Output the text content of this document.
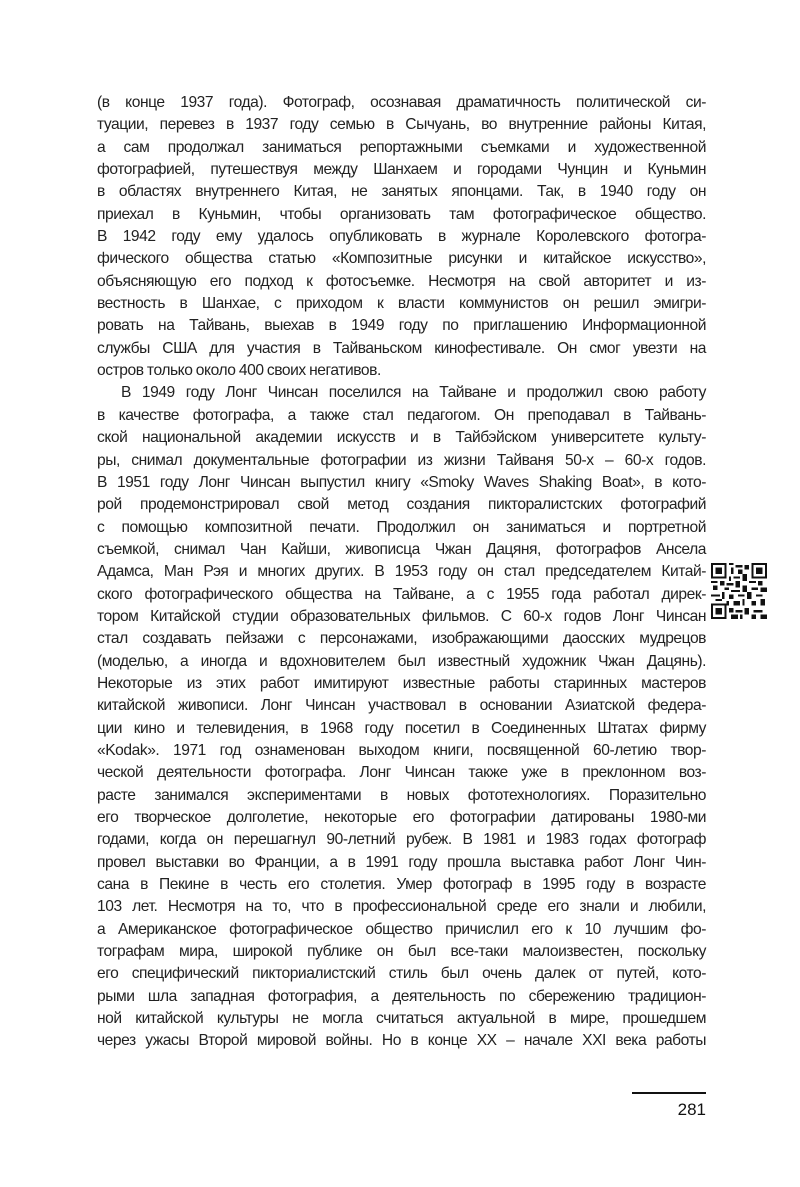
(в конце 1937 года). Фотограф, осознавая драматичность политической си-
туации, перевез в 1937 году семью в Сычуань, во внутренние районы Китая,
а сам продолжал заниматься репортажными съемками и художественной
фотографией, путешествуя между Шанхаем и городами Чунцин и Куньмин
в областях внутреннего Китая, не занятых японцами. Так, в 1940 году он
приехал в Куньмин, чтобы организовать там фотографическое общество.
В 1942 году ему удалось опубликовать в журнале Королевского фотогра-
фического общества статью «Композитные рисунки и китайское искусство»,
объясняющую его подход к фотосъемке. Несмотря на свой авторитет и из-
вестность в Шанхае, с приходом к власти коммунистов он решил эмигри-
ровать на Тайвань, выехав в 1949 году по приглашению Информационной
службы США для участия в Тайваньском кинофестивале. Он смог увезти на
остров только около 400 своих негативов.
В 1949 году Лонг Чинсан поселился на Тайване и продолжил свою работу
в качестве фотографа, а также стал педагогом. Он преподавал в Тайвань-
ской национальной академии искусств и в Тайбэйском университете культу-
ры, снимал документальные фотографии из жизни Тайваня 50-х – 60-х годов.
В 1951 году Лонг Чинсан выпустил книгу «Smoky Waves Shaking Boat», в кото-
рой продемонстрировал свой метод создания пикторалистских фотографий
с помощью композитной печати. Продолжил он заниматься и портретной
съемкой, снимал Чан Кайши, живописца Чжан Дацяня, фотографов Ансела
Адамса, Ман Рэя и многих других. В 1953 году он стал председателем Китай-
ского фотографического общества на Тайване, а с 1955 года работал дирек-
тором Китайской студии образовательных фильмов. С 60-х годов Лонг Чинсан
стал создавать пейзажи с персонажами, изображающими даосских мудрецов
(моделью, а иногда и вдохновителем был известный художник Чжан Дацянь).
Некоторые из этих работ имитируют известные работы старинных мастеров
китайской живописи. Лонг Чинсан участвовал в основании Азиатской федера-
ции кино и телевидения, в 1968 году посетил в Соединенных Штатах фирму
«Kodak». 1971 год ознаменован выходом книги, посвященной 60-летию твор-
ческой деятельности фотографа. Лонг Чинсан также уже в преклонном воз-
расте занимался экспериментами в новых фототехнологиях. Поразительно
его творческое долголетие, некоторые его фотографии датированы 1980-ми
годами, когда он перешагнул 90-летний рубеж. В 1981 и 1983 годах фотограф
провел выставки во Франции, а в 1991 году прошла выставка работ Лонг Чин-
сана в Пекине в честь его столетия. Умер фотограф в 1995 году в возрасте
103 лет. Несмотря на то, что в профессиональной среде его знали и любили,
а Американское фотографическое общество причислил его к 10 лучшим фо-
тографам мира, широкой публике он был все-таки малоизвестен, поскольку
его специфический пикториалистский стиль был очень далек от путей, кото-
рыми шла западная фотография, а деятельность по сбережению традицион-
ной китайской культуры не могла считаться актуальной в мире, прошедшем
через ужасы Второй мировой войны. Но в конце XX – начале XXI века работы
281
